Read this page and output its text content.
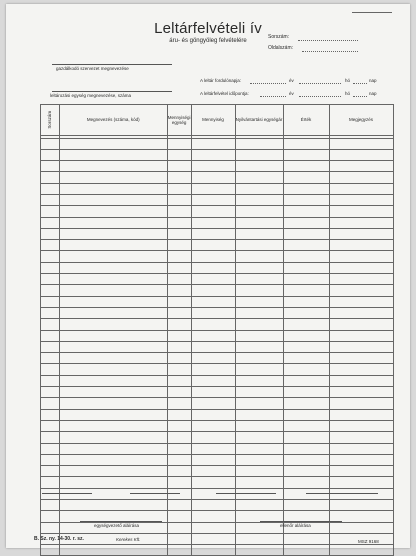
Leltárfelvételi ív
áru- és göngyöleg felvételére
Sorszám:
Oldalszám:
gazdálkodó szervezet megnevezése
A leltár fordulónapja:	év	hó	nap
leltározási egység megnevezése, száma	A leltárfelvétel időpontja:	év	hó	nap
Sorszám	Megnevezés (száma, kód)	Mennyiségi egység	Mennyiség	Nyilvántartási egységár	Érték	Megjegyzés

egységvezető aláírása	ellenőr aláírása
B. Sz. ny. 14-30. r. sz.	Kerekes Kft.	MSZ 9168
